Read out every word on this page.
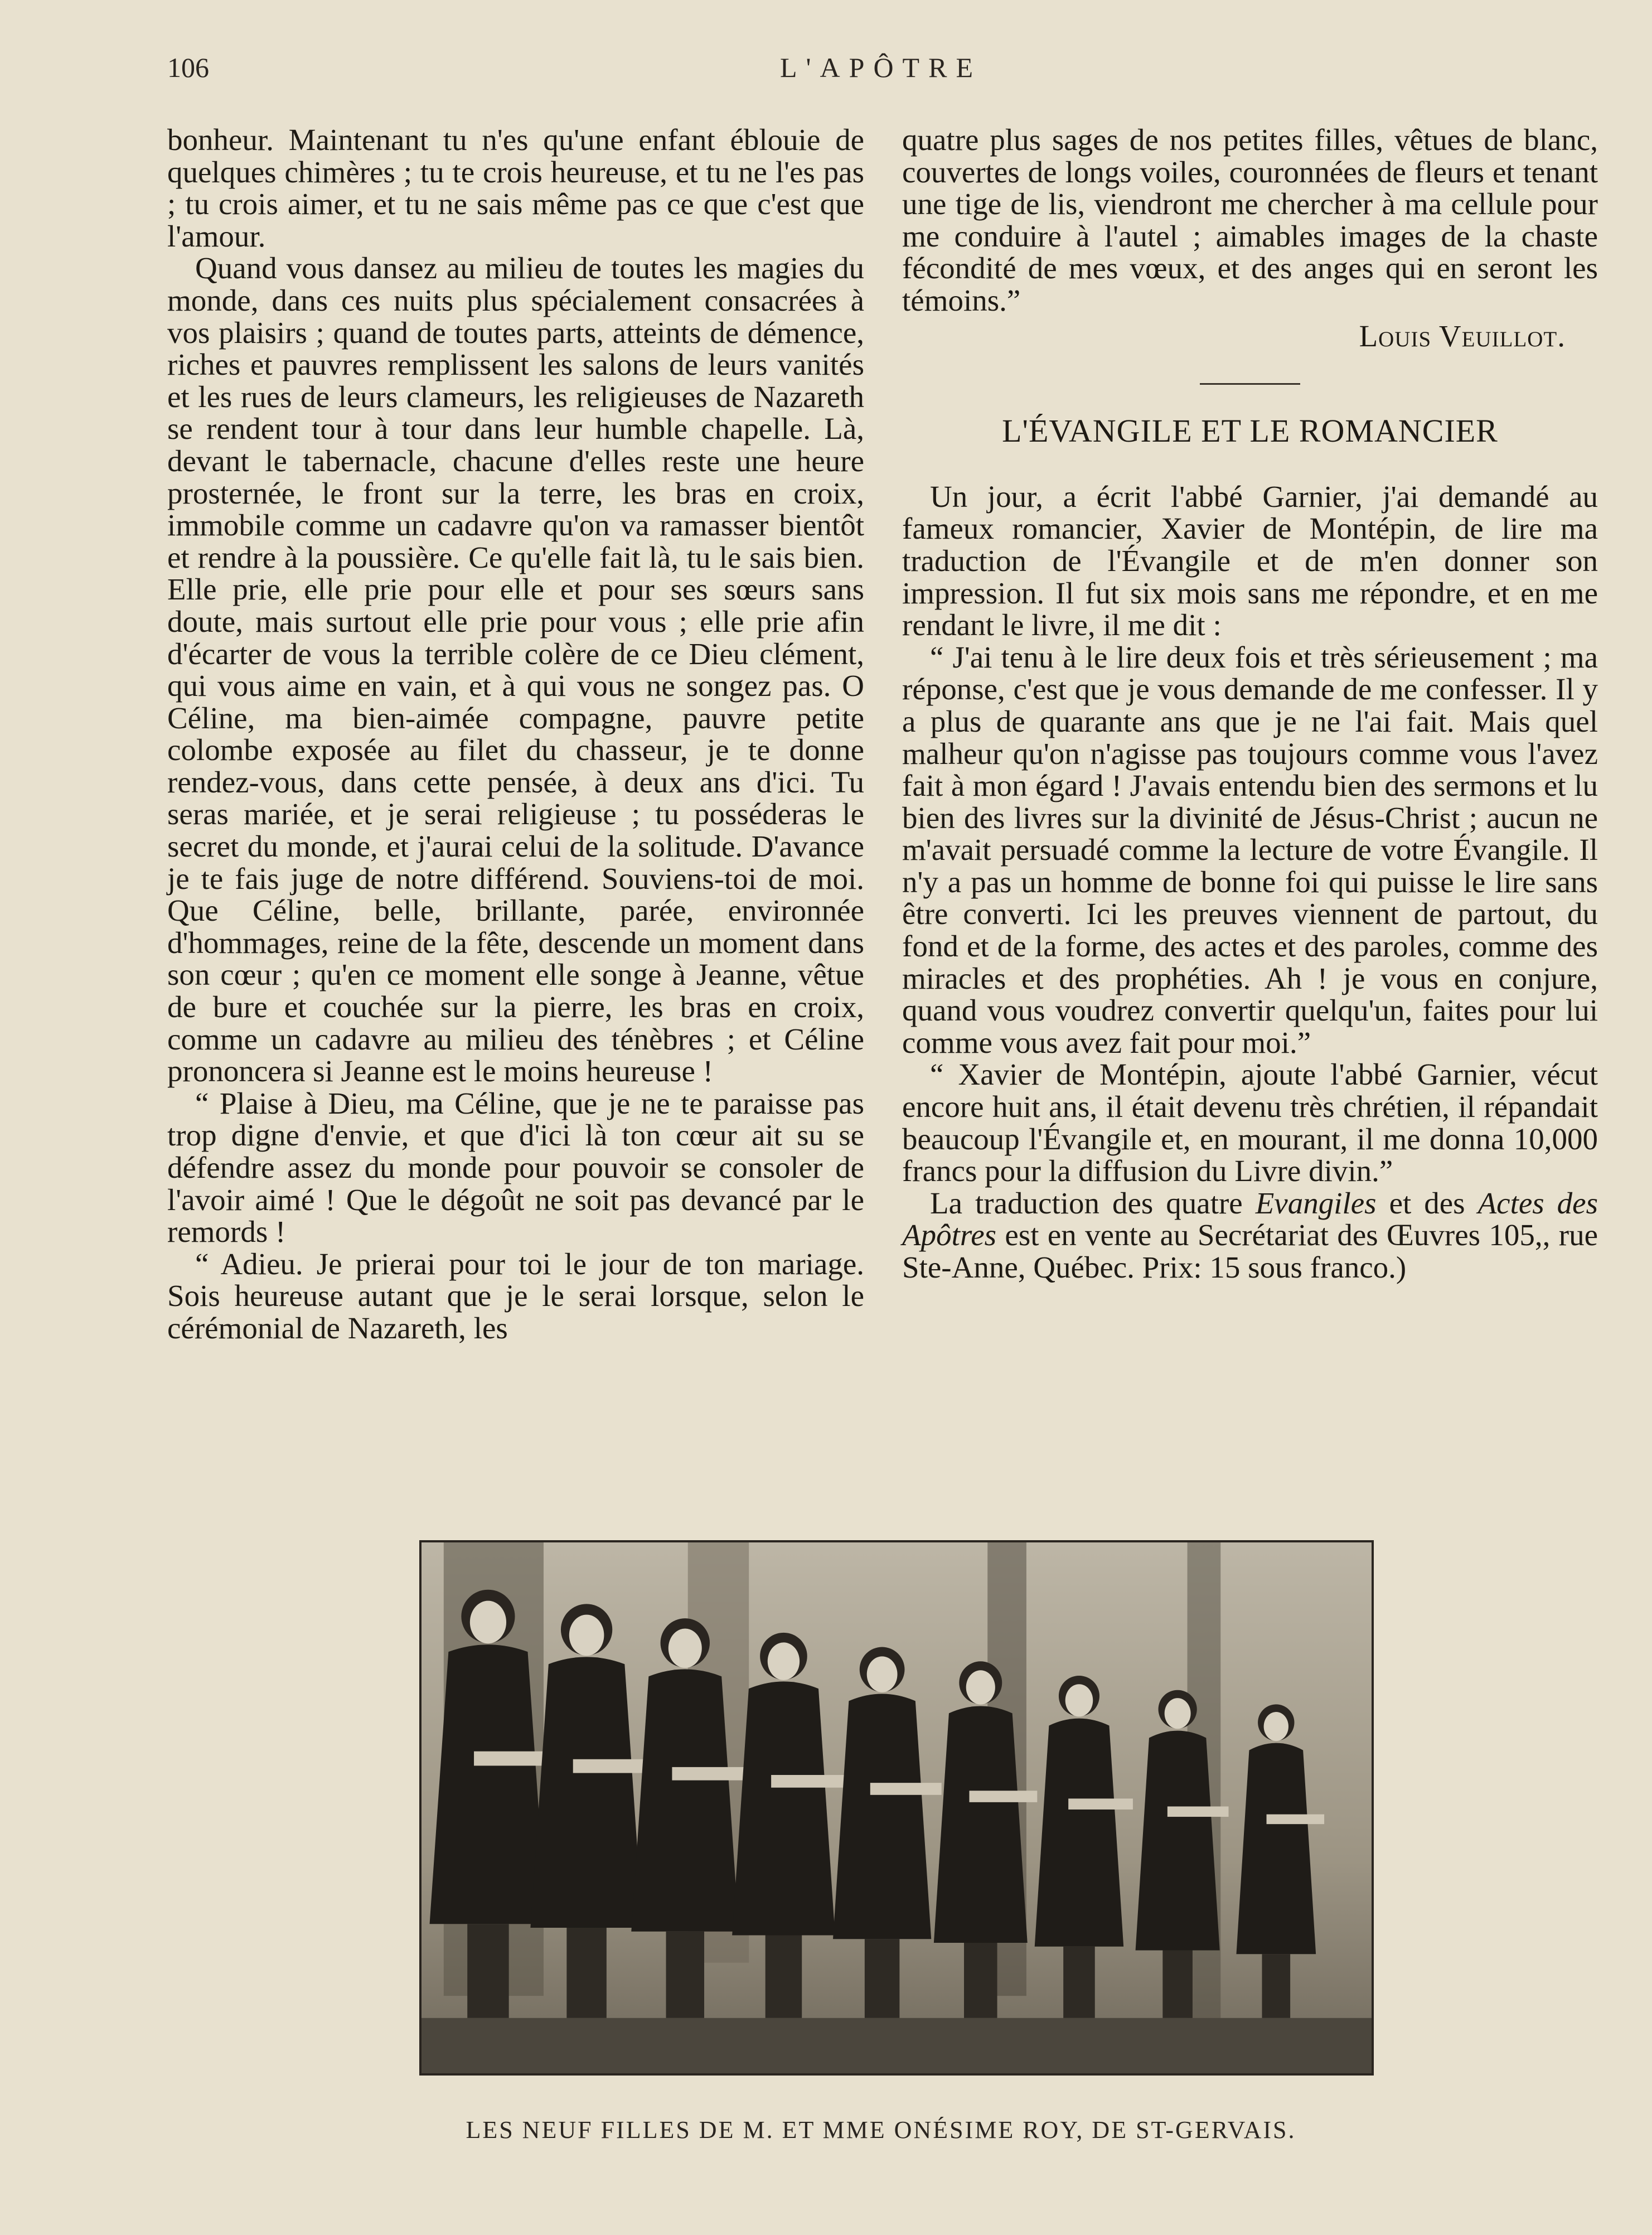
106	L'APÔTRE

bonheur. Maintenant tu n'es qu'une enfant éblouie de quelques chimères ; tu te crois heureuse, et tu ne l'es pas ; tu crois aimer, et tu ne sais même pas ce que c'est que l'amour.

Quand vous dansez au milieu de toutes les magies du monde, dans ces nuits plus spécialement consacrées à vos plaisirs ; quand de toutes parts, atteints de démence, riches et pauvres remplissent les salons de leurs vanités et les rues de leurs clameurs, les religieuses de Nazareth se rendent tour à tour dans leur humble chapelle. Là, devant le tabernacle, chacune d'elles reste une heure prosternée, le front sur la terre, les bras en croix, immobile comme un cadavre qu'on va ramasser bientôt et rendre à la poussière. Ce qu'elle fait là, tu le sais bien. Elle prie, elle prie pour elle et pour ses sœurs sans doute, mais surtout elle prie pour vous ; elle prie afin d'écarter de vous la terrible colère de ce Dieu clément, qui vous aime en vain, et à qui vous ne songez pas. O Céline, ma bien-aimée compagne, pauvre petite colombe exposée au filet du chasseur, je te donne rendez-vous, dans cette pensée, à deux ans d'ici. Tu seras mariée, et je serai religieuse ; tu posséderas le secret du monde, et j'aurai celui de la solitude. D'avance je te fais juge de notre différend. Souviens-toi de moi. Que Céline, belle, brillante, parée, environnée d'hommages, reine de la fête, descende un moment dans son cœur ; qu'en ce moment elle songe à Jeanne, vêtue de bure et couchée sur la pierre, les bras en croix, comme un cadavre au milieu des ténèbres ; et Céline prononcera si Jeanne est le moins heureuse !

“ Plaise à Dieu, ma Céline, que je ne te paraisse pas trop digne d'envie, et que d'ici là ton cœur ait su se défendre assez du monde pour pouvoir se consoler de l'avoir aimé ! Que le dégoût ne soit pas devancé par le remords !

“ Adieu. Je prierai pour toi le jour de ton mariage. Sois heureuse autant que je le serai lorsque, selon le cérémonial de Nazareth, les

quatre plus sages de nos petites filles, vêtues de blanc, couvertes de longs voiles, couronnées de fleurs et tenant une tige de lis, viendront me chercher à ma cellule pour me conduire à l'autel ; aimables images de la chaste fécondité de mes vœux, et des anges qui en seront les témoins.”

Louis Veuillot.

L'ÉVANGILE ET LE ROMANCIER

Un jour, a écrit l'abbé Garnier, j'ai demandé au fameux romancier, Xavier de Montépin, de lire ma traduction de l'Évangile et de m'en donner son impression. Il fut six mois sans me répondre, et en me rendant le livre, il me dit :

“ J'ai tenu à le lire deux fois et très sérieusement ; ma réponse, c'est que je vous demande de me confesser. Il y a plus de quarante ans que je ne l'ai fait. Mais quel malheur qu'on n'agisse pas toujours comme vous l'avez fait à mon égard ! J'avais entendu bien des sermons et lu bien des livres sur la divinité de Jésus-Christ ; aucun ne m'avait persuadé comme la lecture de votre Évangile. Il n'y a pas un homme de bonne foi qui puisse le lire sans être converti. Ici les preuves viennent de partout, du fond et de la forme, des actes et des paroles, comme des miracles et des prophéties. Ah ! je vous en conjure, quand vous voudrez convertir quelqu'un, faites pour lui comme vous avez fait pour moi.”

“ Xavier de Montépin, ajoute l'abbé Garnier, vécut encore huit ans, il était devenu très chrétien, il répandait beaucoup l'Évangile et, en mourant, il me donna 10,000 francs pour la diffusion du Livre divin.”

La traduction des quatre Evangiles et des Actes des Apôtres est en vente au Secrétariat des Œuvres 105,, rue Ste-Anne, Québec. Prix: 15 sous franco.)

LES NEUF FILLES DE M. ET MME ONÉSIME ROY, DE ST-GERVAIS.
